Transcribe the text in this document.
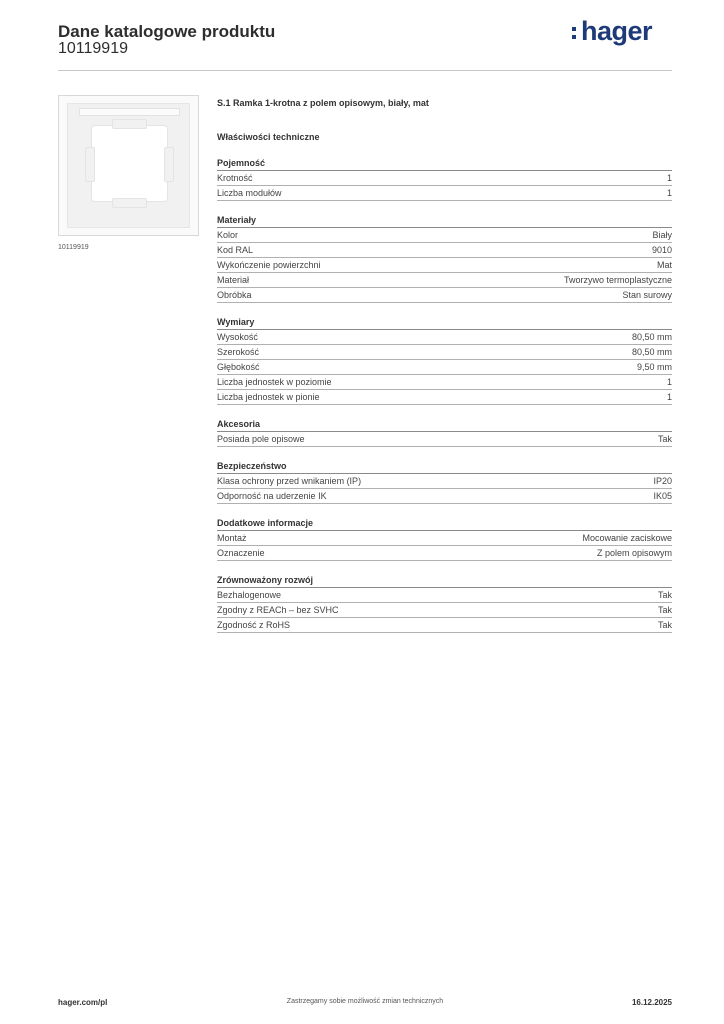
Dane katalogowe produktu
10119919
hager
10119919
S.1 Ramka 1-krotna z polem opisowym, biały, mat
Właściwości techniczne
Pojemność
Krotność	1
Liczba modułów	1
Materiały
Kolor	Biały
Kod RAL	9010
Wykończenie powierzchni	Mat
Materiał	Tworzywo termoplastyczne
Obróbka	Stan surowy
Wymiary
Wysokość	80,50 mm
Szerokość	80,50 mm
Głębokość	9,50 mm
Liczba jednostek w poziomie	1
Liczba jednostek w pionie	1
Akcesoria
Posiada pole opisowe	Tak
Bezpieczeństwo
Klasa ochrony przed wnikaniem (IP)	IP20
Odporność na uderzenie IK	IK05
Dodatkowe informacje
Montaż	Mocowanie zaciskowe
Oznaczenie	Z polem opisowym
Zrównoważony rozwój
Bezhalogenowe	Tak
Zgodny z REACh – bez SVHC	Tak
Zgodność z RoHS	Tak
hager.com/pl	Zastrzegamy sobie możliwość zmian technicznych	16.12.2025
